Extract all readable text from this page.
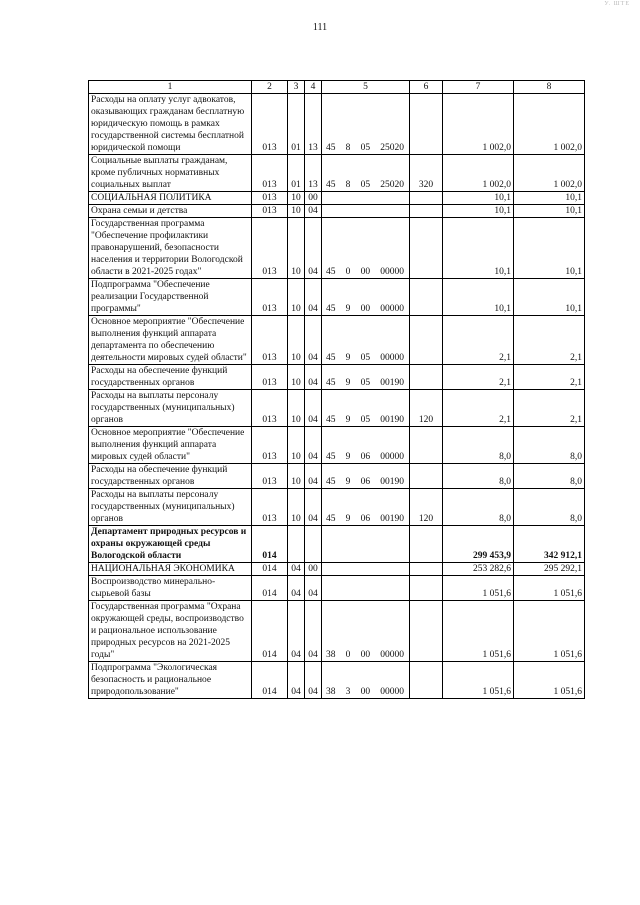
У. ШТЕ
111
1	2	3	4	5	6	7	8
Расходы на оплату услуг адвокатов, оказывающих гражданам бесплатную юридическую помощь в рамках государственной системы бесплатной юридической помощи	013	01	13	45 8 05 25020		1 002,0	1 002,0
Социальные выплаты гражданам, кроме публичных нормативных социальных выплат	013	01	13	45 8 05 25020	320	1 002,0	1 002,0
СОЦИАЛЬНАЯ ПОЛИТИКА	013	10	00			10,1	10,1
Охрана семьи и детства	013	10	04			10,1	10,1
Государственная программа "Обеспечение профилактики правонарушений, безопасности населения и территории Вологодской области в 2021-2025 годах"	013	10	04	45 0 00 00000		10,1	10,1
Подпрограмма "Обеспечение реализации Государственной программы"	013	10	04	45 9 00 00000		10,1	10,1
Основное мероприятие "Обеспечение выполнения функций аппарата департамента по обеспечению деятельности мировых судей области"	013	10	04	45 9 05 00000		2,1	2,1
Расходы на обеспечение функций государственных органов	013	10	04	45 9 05 00190		2,1	2,1
Расходы на выплаты персоналу государственных (муниципальных) органов	013	10	04	45 9 05 00190	120	2,1	2,1
Основное мероприятие "Обеспечение выполнения функций аппарата мировых судей области"	013	10	04	45 9 06 00000		8,0	8,0
Расходы на обеспечение функций государственных органов	013	10	04	45 9 06 00190		8,0	8,0
Расходы на выплаты персоналу государственных (муниципальных) органов	013	10	04	45 9 06 00190	120	8,0	8,0
Департамент природных ресурсов и охраны окружающей среды Вологодской области	014					299 453,9	342 912,1
НАЦИОНАЛЬНАЯ ЭКОНОМИКА	014	04	00			253 282,6	295 292,1
Воспроизводство минерально-сырьевой базы	014	04	04			1 051,6	1 051,6
Государственная программа "Охрана окружающей среды, воспроизводство и рациональное использование природных ресурсов на 2021-2025 годы"	014	04	04	38 0 00 00000		1 051,6	1 051,6
Подпрограмма "Экологическая безопасность и рациональное природопользование"	014	04	04	38 3 00 00000		1 051,6	1 051,6
